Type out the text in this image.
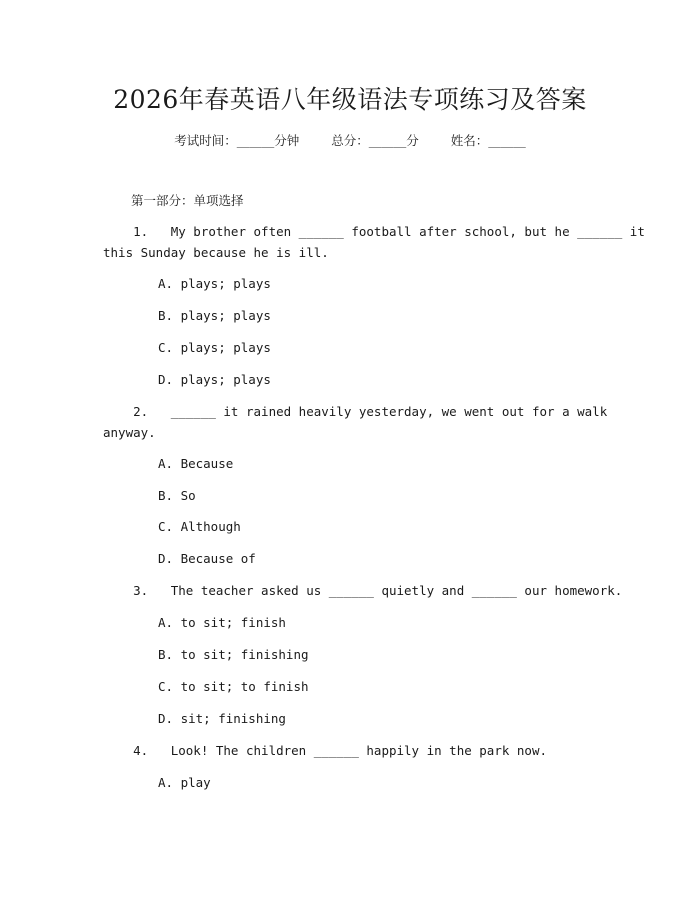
2026年春英语八年级语法专项练习及答案
考试时间：______分钟	总分：______分	姓名：______
第一部分：单项选择
1.   My brother often ______ football after school, but he ______ it
this Sunday because he is ill.
A. plays; plays
B. plays; plays
C. plays; plays
D. plays; plays
2.   ______ it rained heavily yesterday, we went out for a walk
anyway.
A. Because
B. So
C. Although
D. Because of
3.   The teacher asked us ______ quietly and ______ our homework.
A. to sit; finish
B. to sit; finishing
C. to sit; to finish
D. sit; finishing
4.   Look! The children ______ happily in the park now.
A. play
